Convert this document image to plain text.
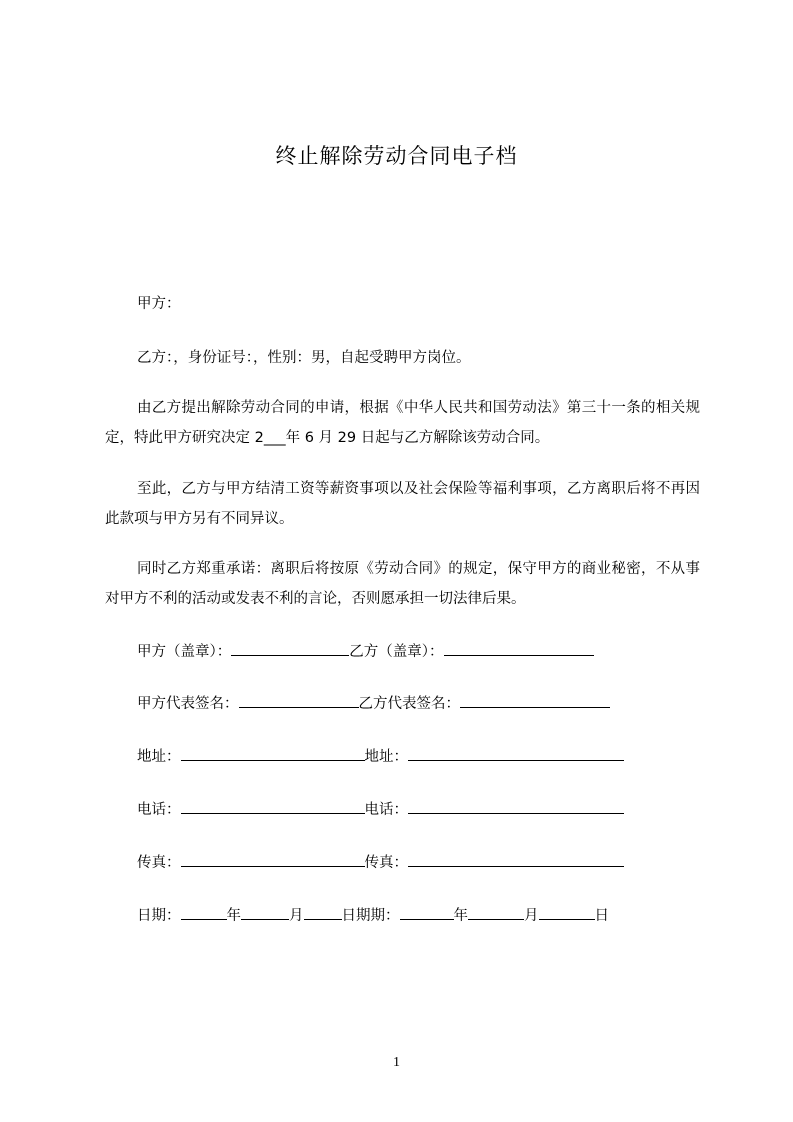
终止解除劳动合同电子档
甲方：
乙方：，身份证号：，性别：男，自起受聘甲方岗位。
由乙方提出解除劳动合同的申请，根据《中华人民共和国劳动法》第三十一条的相关规定，特此甲方研究决定 2___年 6 月 29 日起与乙方解除该劳动合同。
至此，乙方与甲方结清工资等薪资事项以及社会保险等福利事项，乙方离职后将不再因此款项与甲方另有不同异议。
同时乙方郑重承诺：离职后将按原《劳动合同》的规定，保守甲方的商业秘密，不从事对甲方不利的活动或发表不利的言论，否则愿承担一切法律后果。
甲方（盖章）：	乙方（盖章）：
甲方代表签名：	乙方代表签名：
地址：	地址：
电话：	电话：
传真：	传真：
日期：	年	月	日期期：	年	月	日
1
